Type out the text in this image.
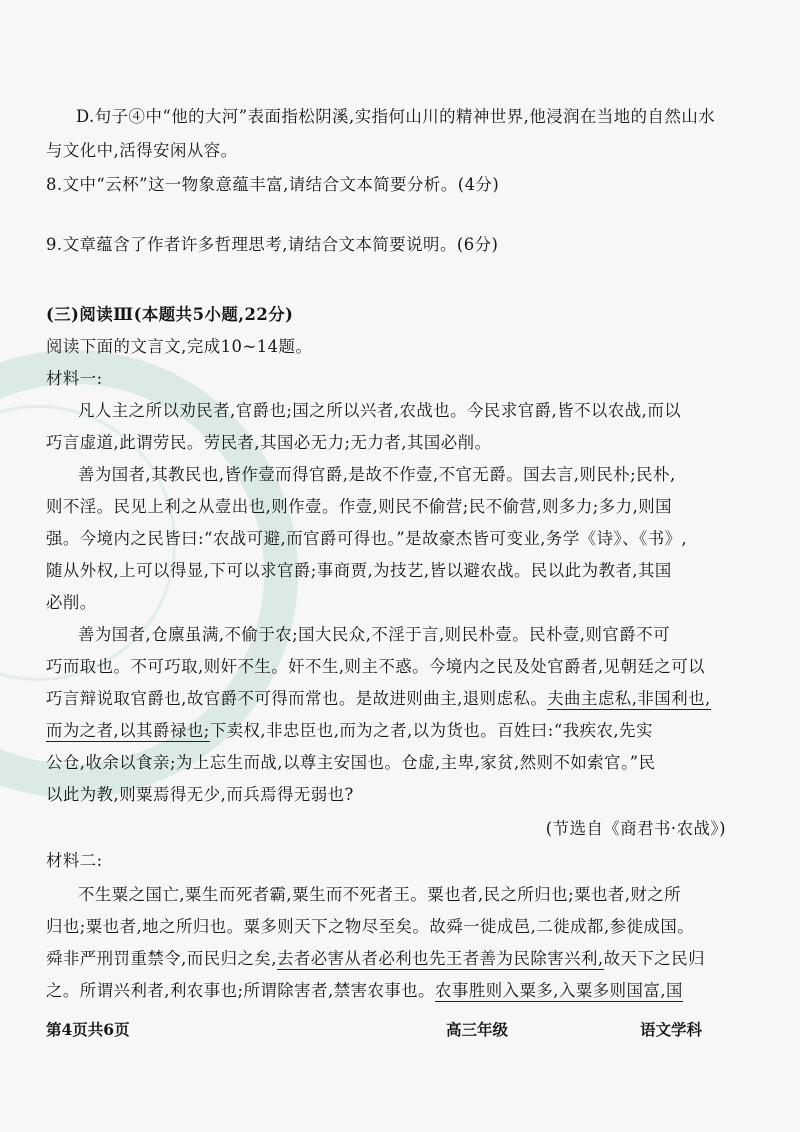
D.句子④中“他的大河”表面指松阴溪,实指何山川的精神世界,他浸润在当地的自然山水
与文化中,活得安闲从容。
8.文中“云杯”这一物象意蕴丰富,请结合文本简要分析。(4分)
9.文章蕴含了作者许多哲理思考,请结合文本简要说明。(6分)
(三)阅读Ⅲ(本题共5小题,22分)
阅读下面的文言文,完成10~14题。
材料一:
凡人主之所以劝民者,官爵也;国之所以兴者,农战也。今民求官爵,皆不以农战,而以
巧言虚道,此谓劳民。劳民者,其国必无力;无力者,其国必削。
善为国者,其教民也,皆作壹而得官爵,是故不作壹,不官无爵。国去言,则民朴;民朴,
则不淫。民见上利之从壹出也,则作壹。作壹,则民不偷营;民不偷营,则多力;多力,则国
强。今境内之民皆曰:“农战可避,而官爵可得也。”是故豪杰皆可变业,务学《诗》、《书》,
随从外权,上可以得显,下可以求官爵;事商贾,为技艺,皆以避农战。民以此为教者,其国
必削。
善为国者,仓廪虽满,不偷于农;国大民众,不淫于言,则民朴壹。民朴壹,则官爵不可
巧而取也。不可巧取,则奸不生。奸不生,则主不惑。今境内之民及处官爵者,见朝廷之可以
巧言辩说取官爵也,故官爵不可得而常也。是故进则曲主,退则虑私。夫曲主虑私,非国利也,
而为之者,以其爵禄也;下卖权,非忠臣也,而为之者,以为货也。百姓曰:“我疾农,先实
公仓,收余以食亲;为上忘生而战,以尊主安国也。仓虚,主卑,家贫,然则不如索官。”民
以此为教,则粟焉得无少,而兵焉得无弱也?
(节选自《商君书·农战》)
材料二:
不生粟之国亡,粟生而死者霸,粟生而不死者王。粟也者,民之所归也;粟也者,财之所
归也;粟也者,地之所归也。粟多则天下之物尽至矣。故舜一徙成邑,二徙成都,参徙成国。
舜非严刑罚重禁令,而民归之矣,去者必害从者必利也先王者善为民除害兴利,故天下之民归
之。所谓兴利者,利农事也;所谓除害者,禁害农事也。农事胜则入粟多,入粟多则国富,国
第4页共6页	高三年级	语文学科
